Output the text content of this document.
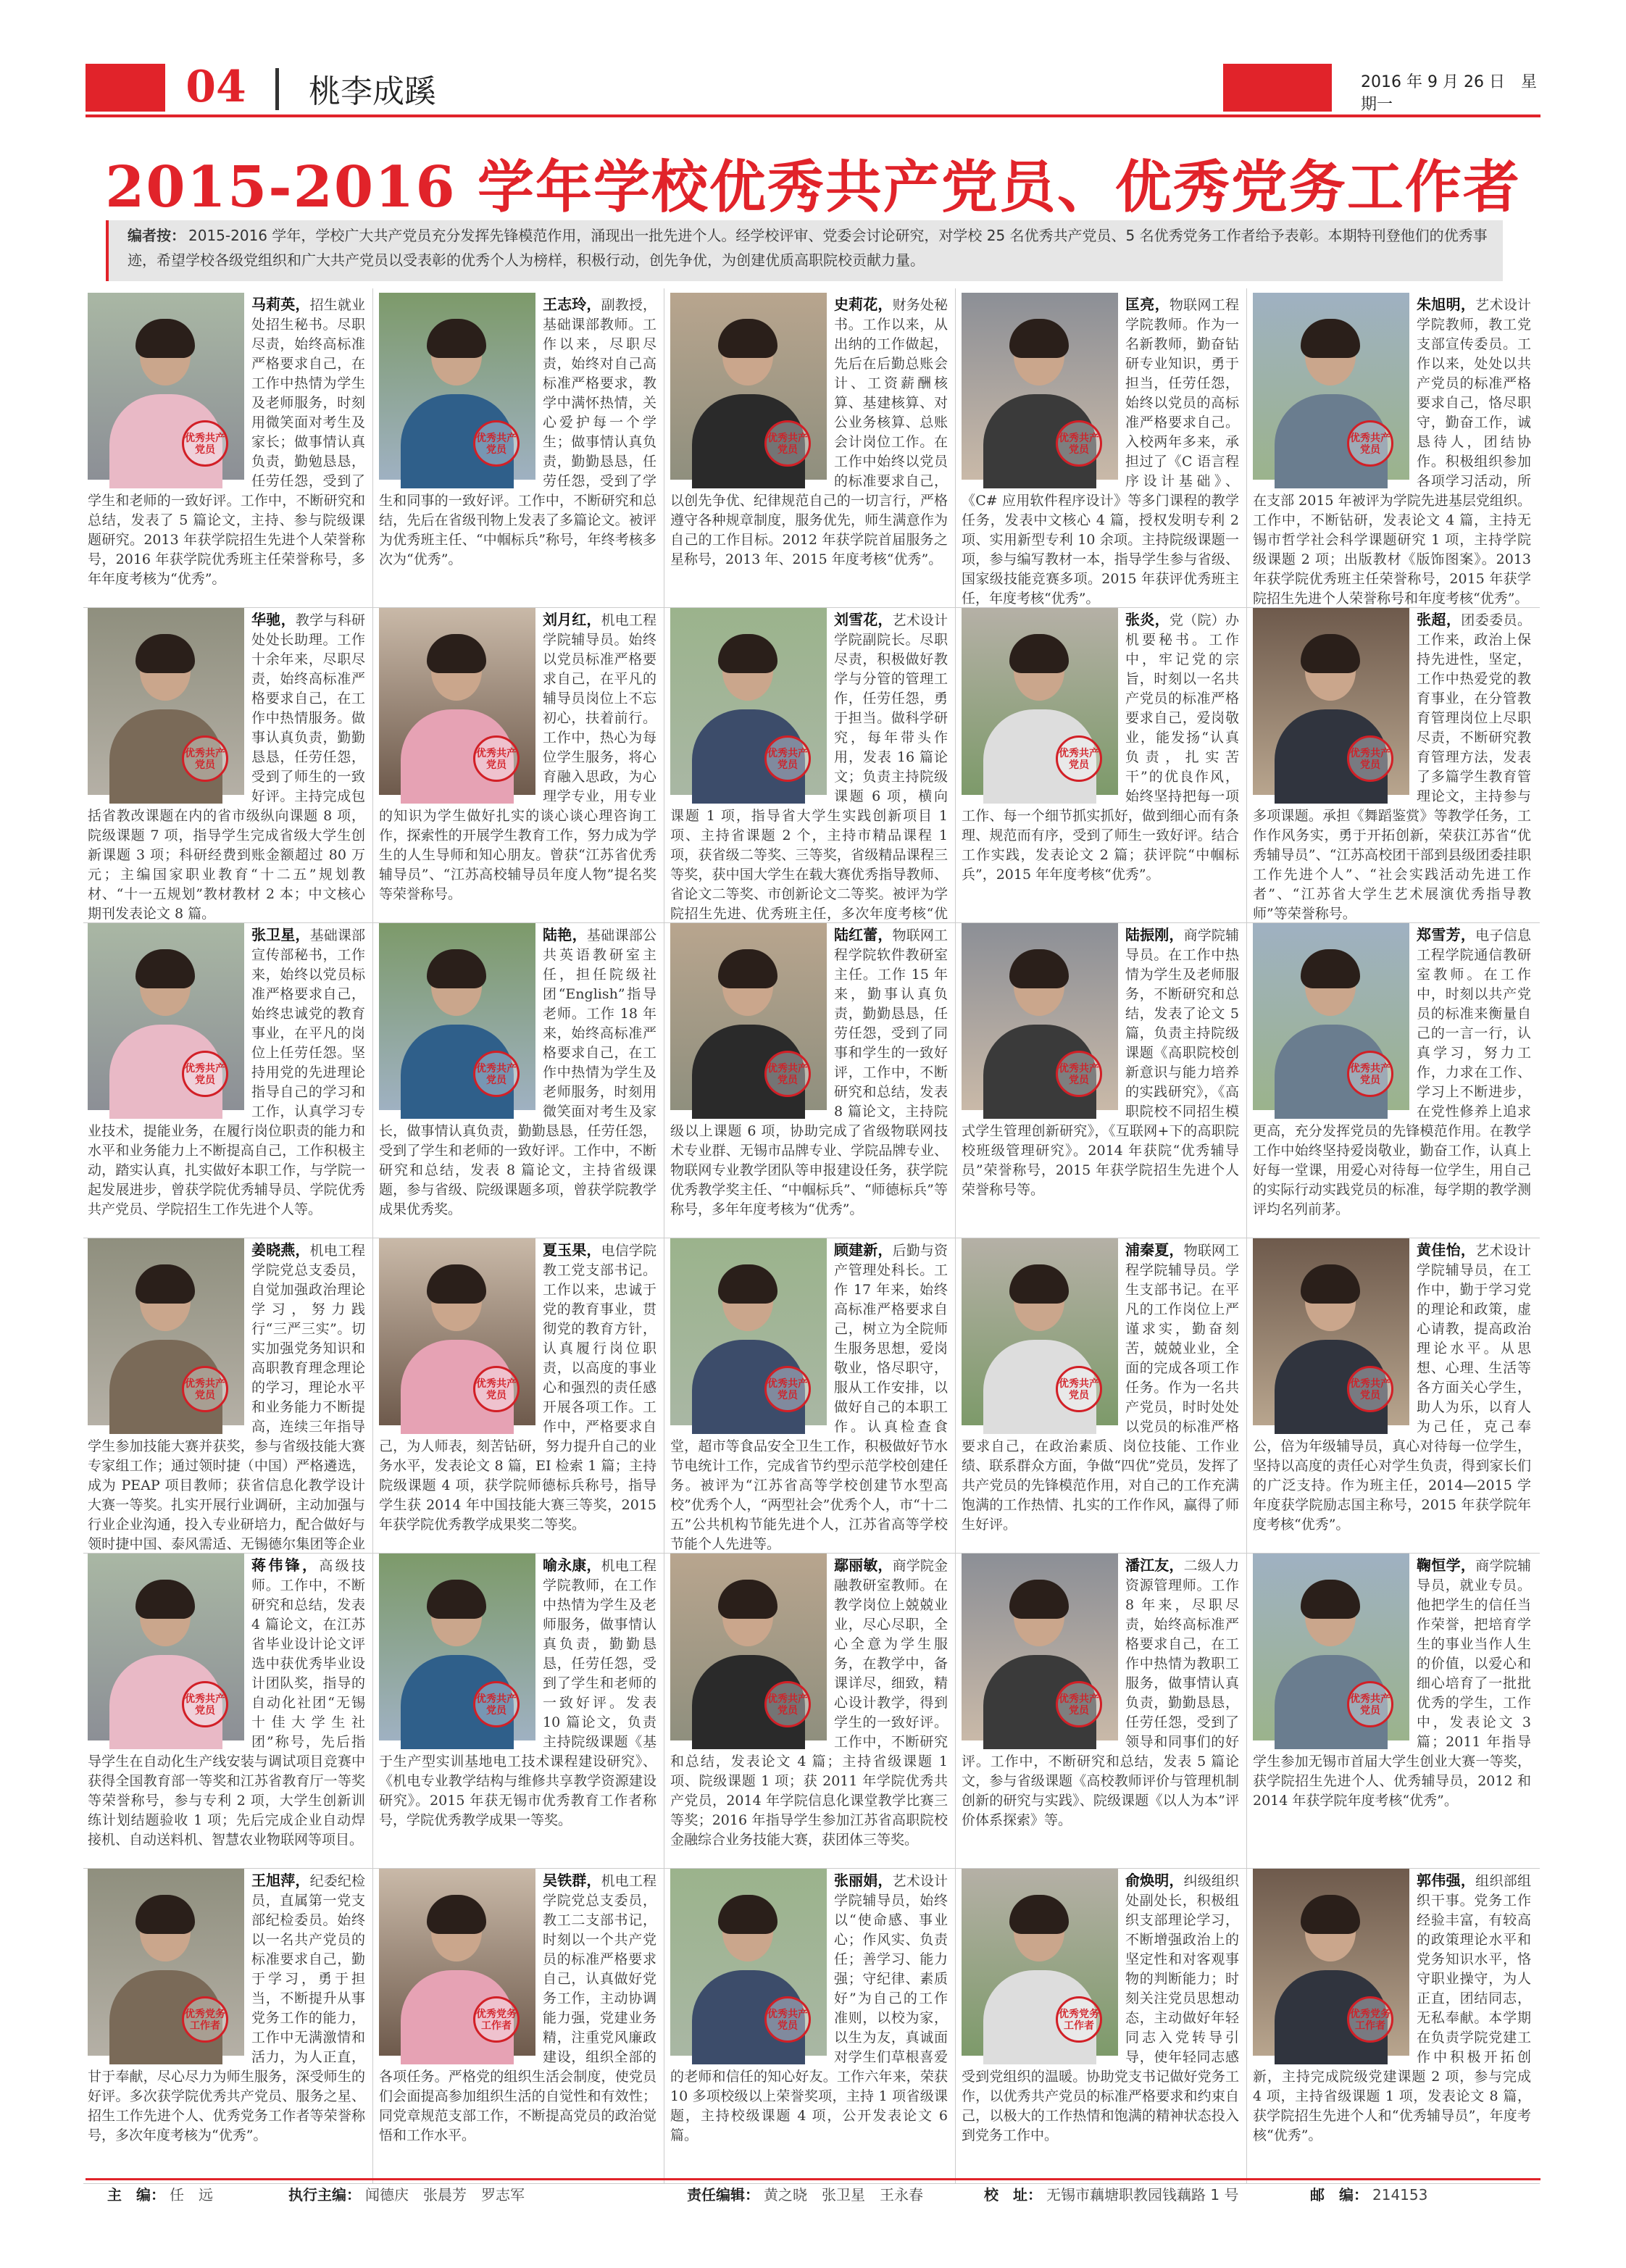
04	桃李成蹊	2016 年 9 月 26 日　星期一
2015-2016 学年学校优秀共产党员、优秀党务工作者
编者按： 2015-2016 学年，学校广大共产党员充分发挥先锋模范作用，涌现出一批先进个人。经学校评审、党委会讨论研究，对学校 25 名优秀共产党员、5 名优秀党务工作者给予表彰。本期特刊登他们的优秀事迹，希望学校各级党组织和广大共产党员以受表彰的优秀个人为榜样，积极行动，创先争优，为创建优质高职院校贡献力量。
优秀共产党员

马莉英，招生就业处招生秘书。尽职尽责，始终高标准严格要求自己，在工作中热情为学生及老师服务，时刻用微笑面对考生及家长；做事情认真负责，勤勉恳恳，任劳任怨，受到了学生和老师的一致好评。工作中，不断研究和总结，发表了 5 篇论文，主持、参与院级课题研究。2013 年获学院招生先进个人荣誉称号，2016 年获学院优秀班主任荣誉称号，多年年度考核为“优秀”。

优秀共产党员

王志玲，副教授，基础课部教师。工作以来，尽职尽责，始终对自己高标准严格要求，教学中满怀热情，关心爱护每一个学生；做事情认真负责，勤勤恳恳，任劳任怨，受到了学生和同事的一致好评。工作中，不断研究和总结，先后在省级刊物上发表了多篇论文。被评为优秀班主任、“中帼标兵”称号，年终考核多次为“优秀”。

优秀共产党员

史莉花，财务处秘书。工作以来，从出纳的工作做起，先后在后勤总账会计、工资薪酬核算、基建核算、对公业务核算、总账会计岗位工作。在工作中始终以党员的标准要求自己，以创先争优、纪律规范自己的一切言行，严格遵守各种规章制度，服务优先，师生满意作为自己的工作目标。2012 年获学院首届服务之星称号，2013 年、2015 年度考核“优秀”。

优秀共产党员

匡亮，物联网工程学院教师。作为一名新教师，勤奋钻研专业知识，勇于担当，任劳任怨，始终以党员的高标准严格要求自己。入校两年多来，承担过了《C 语言程序设计基础》、《C# 应用软件程序设计》等多门课程的教学任务，发表中文核心 4 篇，授权发明专利 2 项、实用新型专利 10 余项。主持院级课题一项，参与编写教材一本，指导学生参与省级、国家级技能竞赛多项。2015 年获评优秀班主任，年度考核“优秀”。

优秀共产党员

朱旭明，艺术设计学院教师，教工党支部宣传委员。工作以来，处处以共产党员的标准严格要求自己，恪尽职守，勤奋工作，诚恳待人，团结协作。积极组织参加各项学习活动，所在支部 2015 年被评为学院先进基层党组织。工作中，不断钻研，发表论文 4 篇，主持无锡市哲学社会科学课题研究 1 项，主持学院级课题 2 项；出版教材《版饰图案》。2013 年获学院优秀班主任荣誉称号，2015 年获学院招生先进个人荣誉称号和年度考核“优秀”。

优秀共产党员

华驰，教学与科研处处长助理。工作十余年来，尽职尽责，始终高标准严格要求自己，在工作中热情服务。做事认真负责，勤勤恳恳，任劳任怨，受到了师生的一致好评。主持完成包括省教改课题在内的省市级纵向课题 8 项，院级课题 7 项，指导学生完成省级大学生创新课题 3 项；科研经费到账金额超过 80 万元；主编国家职业教育“十二五”规划教材、“十一五规划”教材教材 2 本；中文核心期刊发表论文 8 篇。

优秀共产党员

刘月红，机电工程学院辅导员。始终以党员标准严格要求自己，在平凡的辅导员岗位上不忘初心，扶着前行。工作中，热心为每位学生服务，将心育融入思政，为心理学专业，用专业的知识为学生做好扎实的谈心谈心理咨询工作，探索性的开展学生教育工作，努力成为学生的人生导师和知心朋友。曾获“江苏省优秀辅导员”、“江苏高校辅导员年度人物”提名奖等荣誉称号。

优秀共产党员

刘雪花，艺术设计学院副院长。尽职尽责，积极做好教学与分管的管理工作，任劳任怨，勇于担当。做科学研究，每年带头作用，发表 16 篇论文；负责主持院级课题 6 项，横向课题 1 项，指导省大学生实践创新项目 1 项、主持省课题 2 个，主持市精品课程 1 项，获省级二等奖、三等奖，省级精品课程三等奖，获中国大学生在载大赛优秀指导教师、省论文二等奖、市创新论文二等奖。被评为学院招生先进、优秀班主任，多次年度考核“优

优秀共产党员

张炎，党（院）办机要秘书。工作中，牢记党的宗旨，时刻以一名共产党员的标准严格要求自己，爱岗敬业，能发扬“认真负责，扎实苦干”的优良作风，始终坚持把每一项工作、每一个细节抓实抓好，做到细心而有条理、规范而有序，受到了师生一致好评。结合工作实践，发表论文 2 篇；获评院“中帼标兵”，2015 年年度考核“优秀”。

优秀共产党员

张超，团委委员。工作来，政治上保持先进性，坚定，工作中热爱党的教育事业，在分管教育管理岗位上尽职尽责，不断研究教育管理方法，发表了多篇学生教育管理论文，主持参与多项课题。承担《舞蹈鉴赏》等教学任务，工作作风务实，勇于开拓创新，荣获江苏省“优秀辅导员”、“江苏高校团干部到县级团委挂职工作先进个人”、“社会实践活动先进工作者”、“江苏省大学生艺术展演优秀指导教师”等荣誉称号。

优秀共产党员

张卫星，基础课部宣传部秘书，工作来，始终以党员标准严格要求自己，始终忠诚党的教育事业，在平凡的岗位上任劳任怨。坚持用党的先进理论指导自己的学习和工作，认真学习专业技术，提能业务，在履行岗位职责的能力和水平和业务能力上不断提高自己，工作积极主动，踏实认真，扎实做好本职工作，与学院一起发展进步，曾获学院优秀辅导员、学院优秀共产党员、学院招生工作先进个人等。

优秀共产党员

陆艳，基础课部公共英语教研室主任，担任院级社团“English”指导老师。工作 18 年来，始终高标准严格要求自己，在工作中热情为学生及老师服务，时刻用微笑面对考生及家长，做事情认真负责，勤勤恳恳，任劳任怨，受到了学生和老师的一致好评。工作中，不断研究和总结，发表 8 篇论文，主持省级课题，参与省级、院级课题多项，曾获学院教学成果优秀奖。

优秀共产党员

陆红蕾，物联网工程学院软件教研室主任。工作 15 年来，勤事认真负责，勤勤恳恳，任劳任怨，受到了同事和学生的一致好评，工作中，不断研究和总结，发表 8 篇论文，主持院级以上课题 6 项，协助完成了省级物联网技术专业群、无锡市品牌专业、学院品牌专业、物联网专业教学团队等申报建设任务，获学院优秀教学奖主任、“中帼标兵”、“师德标兵”等称号，多年年度考核为“优秀”。

优秀共产党员

陆振刚，商学院辅导员。在工作中热情为学生及老师服务，不断研究和总结，发表了论文 5 篇，负责主持院级课题《高职院校创新意识与能力培养的实践研究》，《高职院校不同招生模式学生管理创新研究》，《互联网+下的高职院校班级管理研究》。2014 年获院“优秀辅导员”荣誉称号，2015 年获学院招生先进个人荣誉称号等。

优秀共产党员

郑雪芳，电子信息工程学院通信教研室教师。在工作中，时刻以共产党员的标准来衡量自己的一言一行，认真学习，努力工作，力求在工作、学习上不断进步，在党性修养上追求更高，充分发挥党员的先锋模范作用。在教学工作中始终坚持爱岗敬业，勤奋工作，认真上好每一堂课，用爱心对待每一位学生，用自己的实际行动实践党员的标准，每学期的教学测评均名列前茅。

优秀共产党员

姜晓燕，机电工程学院党总支委员，自觉加强政治理论学习，努力践行“三严三实”。切实加强党务知识和高职教育理念理论的学习，理论水平和业务能力不断提高，连续三年指导学生参加技能大赛并获奖，参与省级技能大赛专家组工作；通过领时捷（中国）严格遴选，成为 PEAP 项目教师；获省信息化教学设计大赛一等奖。扎实开展行业调研，主动加强与行业企业沟通，投入专业研培力，配合做好与领时捷中国、泰风需适、无锡德尔集团等企业

优秀共产党员

夏玉果，电信学院教工党支部书记。工作以来，忠诚于党的教育事业，贯彻党的教育方针，认真履行岗位职责，以高度的事业心和强烈的责任感开展各项工作。工作中，严格要求自己，为人师表，刻苦钻研，努力提升自己的业务水平，发表论文 8 篇，EI 检索 1 篇；主持院级课题 4 项，获学院师德标兵称号，指导学生获 2014 年中国技能大赛三等奖，2015 年获学院优秀教学成果奖二等奖。

优秀共产党员

顾建新，后勤与资产管理处科长。工作 17 年来，始终高标准严格要求自己，树立为全院师生服务思想，爱岗敬业，恪尽职守，服从工作安排，以做好自己的本职工作。认真检查食堂，超市等食品安全卫生工作，积极做好节水节电统计工作，完成省节约型示范学校创建任务。被评为“江苏省高等学校创建节水型高校”优秀个人，“两型社会”优秀个人，市“十二五”公共机构节能先进个人，江苏省高等学校节能个人先进等。

优秀共产党员

浦秦夏，物联网工程学院辅导员。学生支部书记。在平凡的工作岗位上严谨求实，勤奋刻苦，兢兢业业，全面的完成各项工作任务。作为一名共产党员，时时处处以党员的标准严格要求自己，在政治素质、岗位技能、工作业绩、联系群众方面，争做“四优”党员，发挥了共产党员的先锋模范作用，对自己的工作充满饱满的工作热情、扎实的工作作风，赢得了师生好评。

优秀共产党员

黄佳怡，艺术设计学院辅导员，在工作中，勤于学习党的理论和政策，虚心请教，提高政治理论水平。从思想、心理、生活等各方面关心学生，助人为乐，以育人为己任，克己奉公，倍为年级辅导员，真心对待每一位学生，坚持以高度的责任心对学生负责，得到家长们的广泛支持。作为班主任，2014—2015 学年度获学院励志国主称号，2015 年获学院年度考核“优秀”。

优秀共产党员

蒋伟锋，高级技师。工作中，不断研究和总结，发表 4 篇论文，在江苏省毕业设计论文评选中获优秀毕业设计团队奖，指导的自动化社团“无锡十佳大学生社团”称号，先后指导学生在自动化生产线安装与调试项目竞赛中获得全国教育部一等奖和江苏省教育厅一等奖等荣誉称号，参与专利 2 项，大学生创新训练计划结题验收 1 项；先后完成企业自动焊接机、自动送料机、智慧农业物联网等项目。

优秀共产党员

喻永康，机电工程学院教师，在工作中热情为学生及老师服务，做事情认真负责，勤勤恳恳，任劳任怨，受到了学生和老师的一致好评。发表 10 篇论文，负责主持院级课题《基于生产型实训基地电工技术课程建设研究》、《机电专业教学结构与维修共享教学资源建设研究》。2015 年获无锡市优秀教育工作者称号，学院优秀教学成果一等奖。

优秀共产党员

鄢丽敏，商学院金融教研室教师。在教学岗位上兢兢业业，尽心尽职，全心全意为学生服务，在教学中，备课详尽，细致，精心设计教学，得到学生的一致好评。工作中，不断研究和总结，发表论文 4 篇；主持省级课题 1 项、院级课题 1 项；获 2011 年学院优秀共产党员，2014 年学院信息化课堂教学比赛三等奖；2016 年指导学生参加江苏省高职院校金融综合业务技能大赛，获团体三等奖。

优秀共产党员

潘江友，二级人力资源管理师。工作 8 年来，尽职尽责，始终高标准严格要求自己，在工作中热情为教职工服务，做事情认真负责，勤勤恳恳，任劳任怨，受到了领导和同事们的好评。工作中，不断研究和总结，发表 5 篇论文，参与省级课题《高校教师评价与管理机制创新的研究与实践》、院级课题《以人为本”评价体系探索》等。

优秀共产党员

鞠恒学，商学院辅导员，就业专员。他把学生的信任当作荣誉，把培育学生的事业当作人生的价值，以爱心和细心培育了一批批优秀的学生，工作中，发表论文 3 篇；2011 年指导学生参加无锡市首届大学生创业大赛一等奖，获学院招生先进个人、优秀辅导员，2012 和 2014 年获学院年度考核“优秀”。

优秀党务工作者

王旭萍，纪委纪检员，直属第一党支部纪检委员。始终以一名共产党员的标准要求自己，勤于学习，勇于担当，不断提升从事党务工作的能力，工作中无满激情和活力，为人正直，甘于奉献，尽心尽力为师生服务，深受师生的好评。多次获学院优秀共产党员、服务之星、招生工作先进个人、优秀党务工作者等荣誉称号，多次年度考核为“优秀”。

优秀党务工作者

吴铁群，机电工程学院党总支委员，教工二支部书记，时刻以一个共产党员的标准严格要求自己，认真做好党务工作，主动协调能力强，党建业务精，注重党风廉政建设，组织全部的各项任务。严格党的组织生活会制度，使党员们会面提高参加组织生活的自觉性和有效性；同党章规范支部工作，不断提高党员的政治觉悟和工作水平。

优秀共产党员

张丽娟，艺术设计学院辅导员，始终以“使命感、事业心；作风实、负责任；善学习、能力强；守纪律、素质好”为自己的工作准则，以校为家，以生为友，真诚面对学生们草根喜爱的老师和信任的知心好友。工作六年来，荣获 10 多项校级以上荣誉奖项，主持 1 项省级课题，主持校级课题 4 项，公开发表论文 6 篇。

优秀党务工作者

俞焕明，纠级组织处副处长，积极组织支部理论学习，不断增强政治上的坚定性和对客观事物的判断能力；时刻关注党员思想动态，主动做好年轻同志入党转导引导，使年轻同志感受到党组织的温暖。协助党支书记做好党务工作，以优秀共产党员的标准严格要求和约束自己，以极大的工作热情和饱满的精神状态投入到党务工作中。

优秀党务工作者

郭伟强，组织部组织干事。党务工作经验丰富，有较高的政策理论水平和党务知识水平，恪守职业操守，为人正直，团结同志，无私奉献。本学期在负责学院党建工作中积极开拓创新，主持完成院级党建课题 2 项，参与完成 4 项，主持省级课题 1 项，发表论文 8 篇，获学院招生先进个人和“优秀辅导员”，年度考核“优秀”。

主　编： 任　远	执行主编： 闻德庆　张晨芳　罗志军	责任编辑： 黄之晓　张卫星　王永春	校　址： 无锡市藕塘职教园钱藕路 1 号	邮　编： 214153
